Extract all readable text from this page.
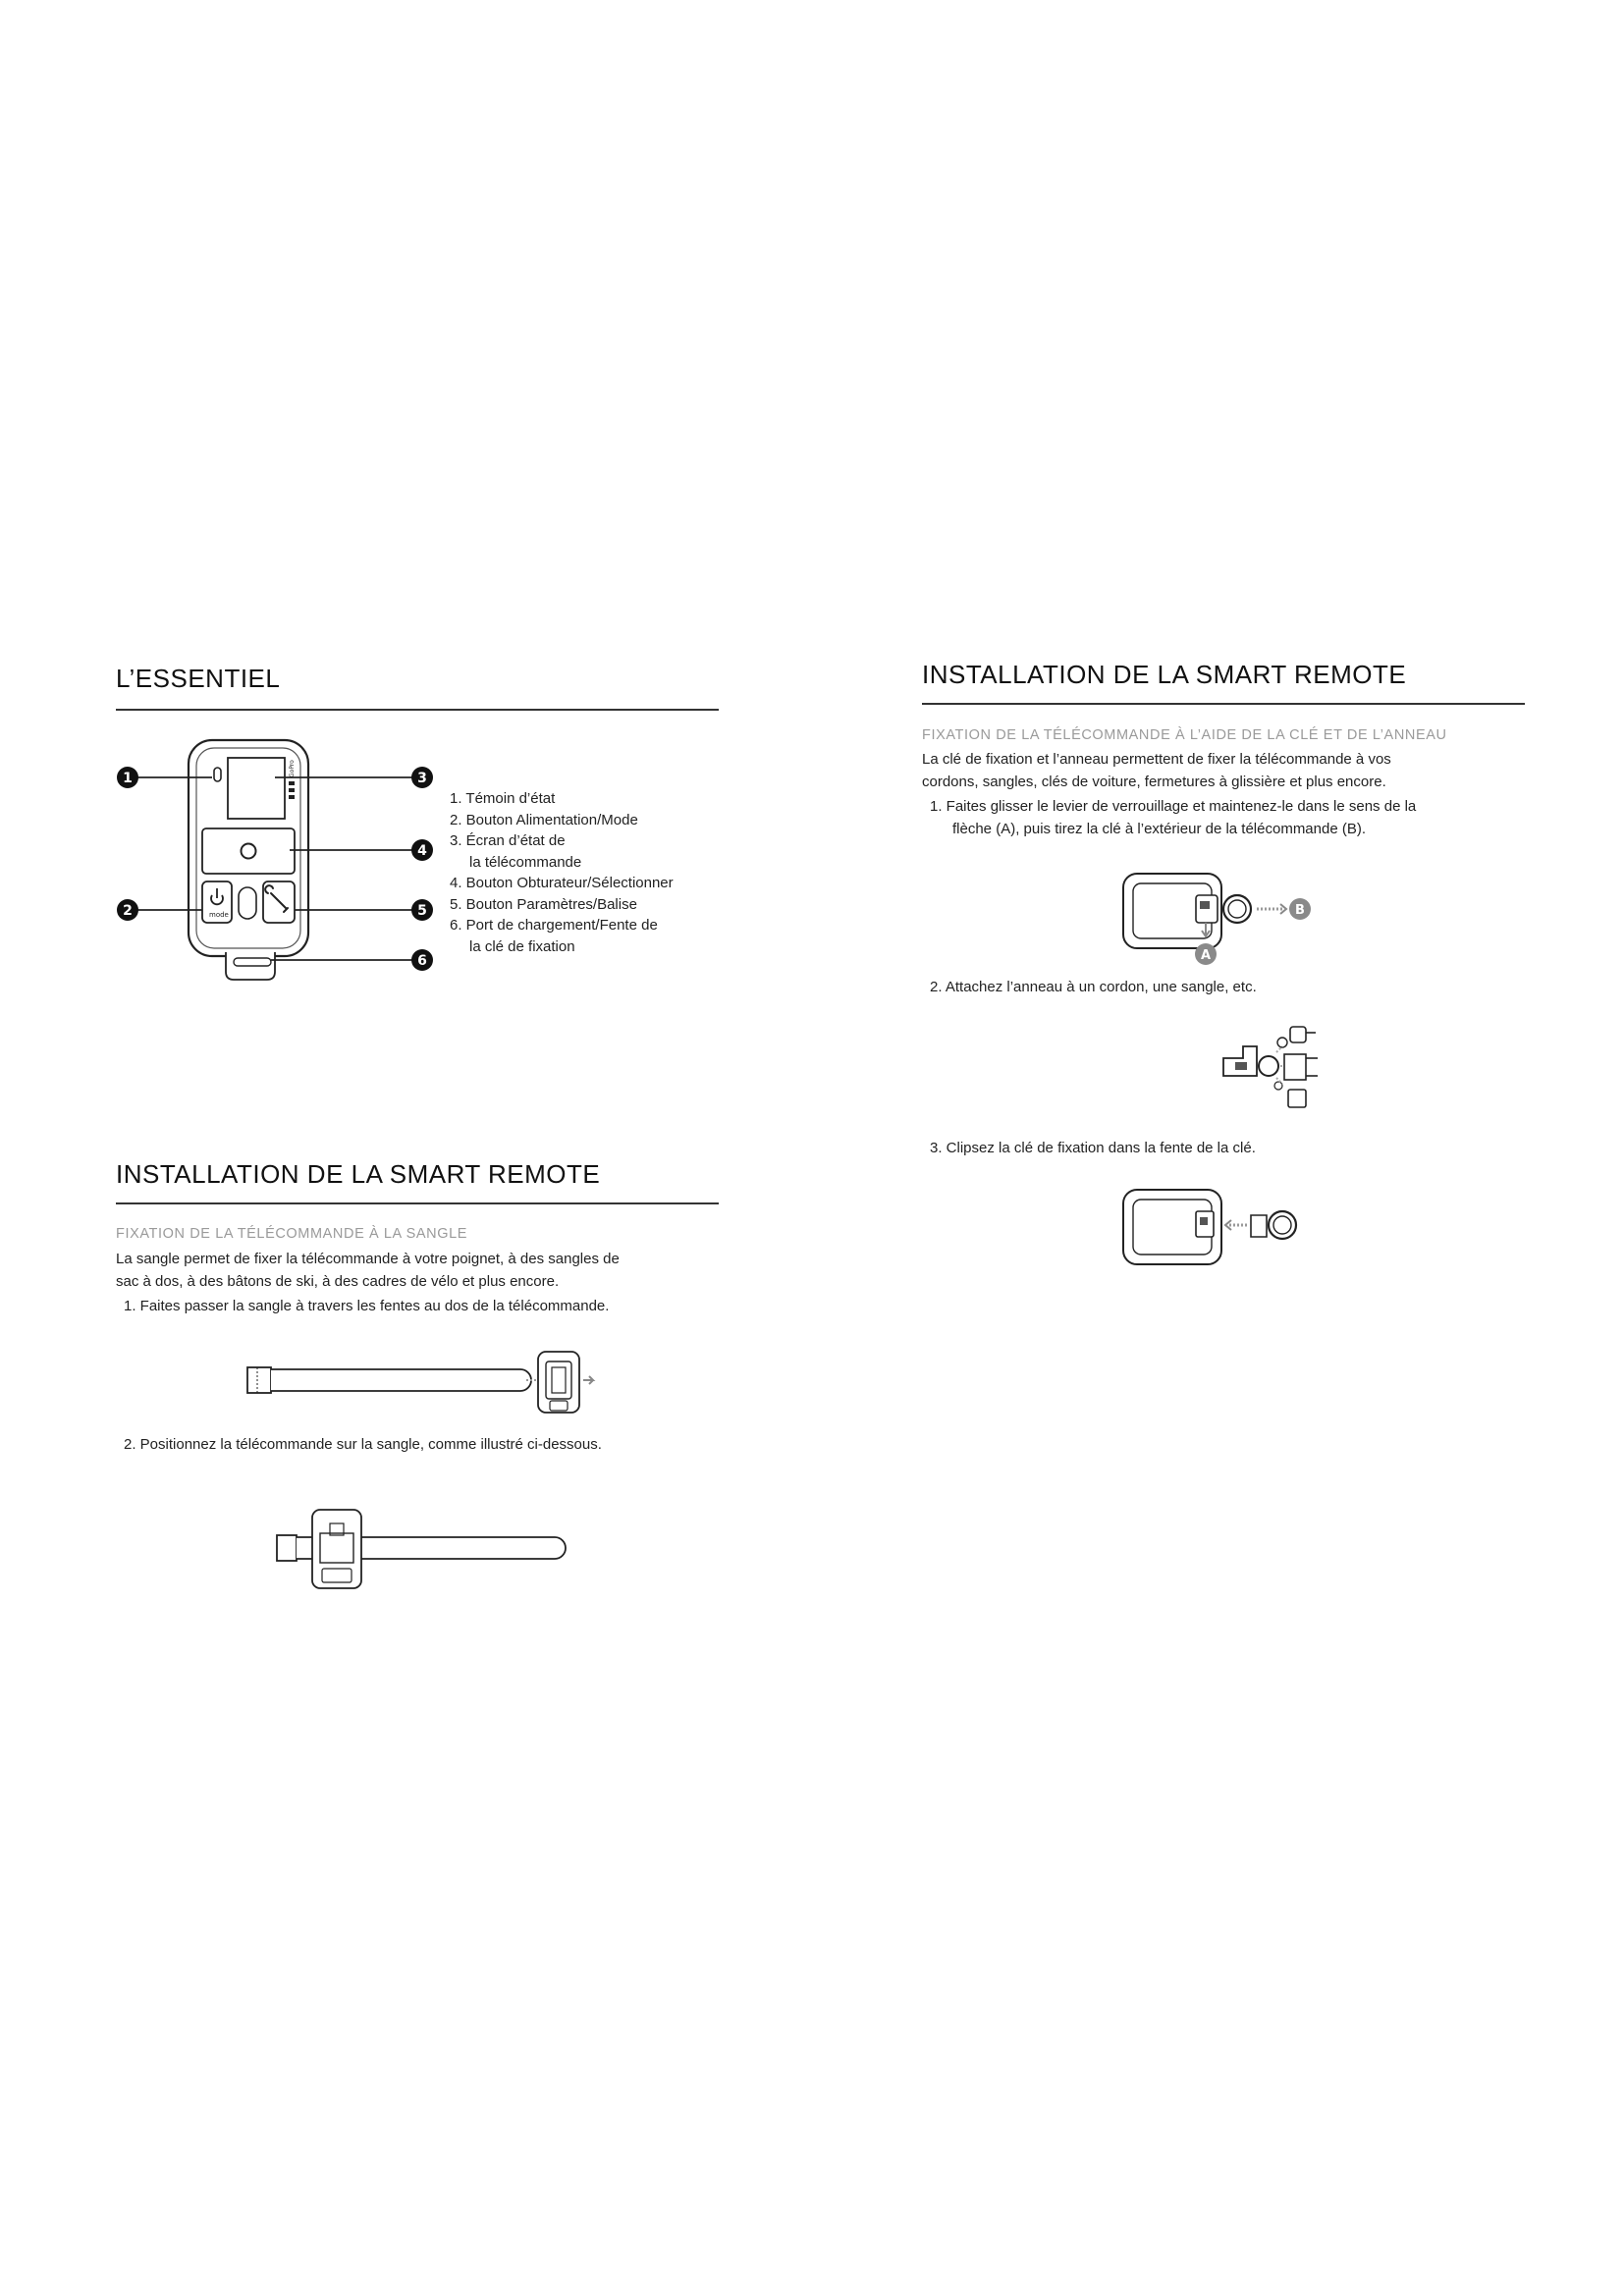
L’ESSENTIEL
GoPro
mode
1
2
3
4
5
6
1. Témoin d’état
2. Bouton Alimentation/Mode
3. Écran d’état de
la télécommande
4. Bouton Obturateur/Sélectionner
5. Bouton Paramètres/Balise
6. Port de chargement/Fente de
la clé de fixation
INSTALLATION DE LA SMART REMOTE
FIXATION DE LA TÉLÉCOMMANDE À LA SANGLE
La sangle permet de fixer la télécommande à votre poignet, à des sangles de
sac à dos, à des bâtons de ski, à des cadres de vélo et plus encore.
1. Faites passer la sangle à travers les fentes au dos de la télécommande.
2. Positionnez la télécommande sur la sangle, comme illustré ci-dessous.
INSTALLATION DE LA SMART REMOTE
FIXATION DE LA TÉLÉCOMMANDE À L’AIDE DE LA CLÉ ET DE L’ANNEAU
La clé de fixation et l’anneau permettent de fixer la télécommande à vos
cordons, sangles, clés de voiture, fermetures à glissière et plus encore.
1. Faites glisser le levier de verrouillage et maintenez-le dans le sens de la
flèche (A), puis tirez la clé à l’extérieur de la télécommande (B).
B
A
2. Attachez l’anneau à un cordon, une sangle, etc.
3. Clipsez la clé de fixation dans la fente de la clé.
